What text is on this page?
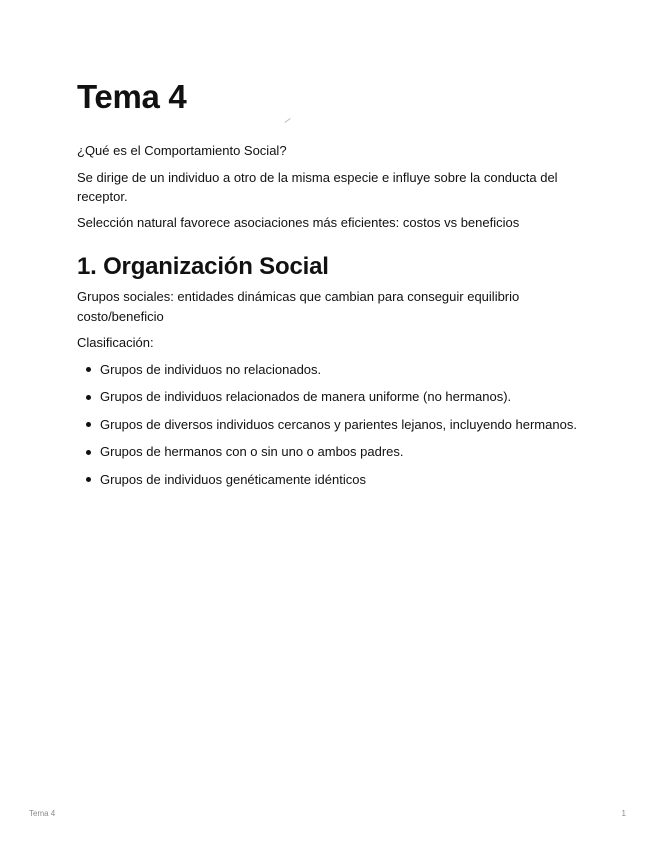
Tema 4

¿Qué es el Comportamiento Social?

Se dirige de un individuo a otro de la misma especie e influye sobre la conducta del receptor.

Selección natural favorece asociaciones más eficientes: costos vs beneficios

1. Organización Social

Grupos sociales: entidades dinámicas que cambian para conseguir equilibrio costo/beneficio

Clasificación:

Grupos de individuos no relacionados.
Grupos de individuos relacionados de manera uniforme (no hermanos).
Grupos de diversos individuos cercanos y parientes lejanos, incluyendo hermanos.
Grupos de hermanos con o sin uno o ambos padres.
Grupos de individuos genéticamente idénticos
Tema 4	1
